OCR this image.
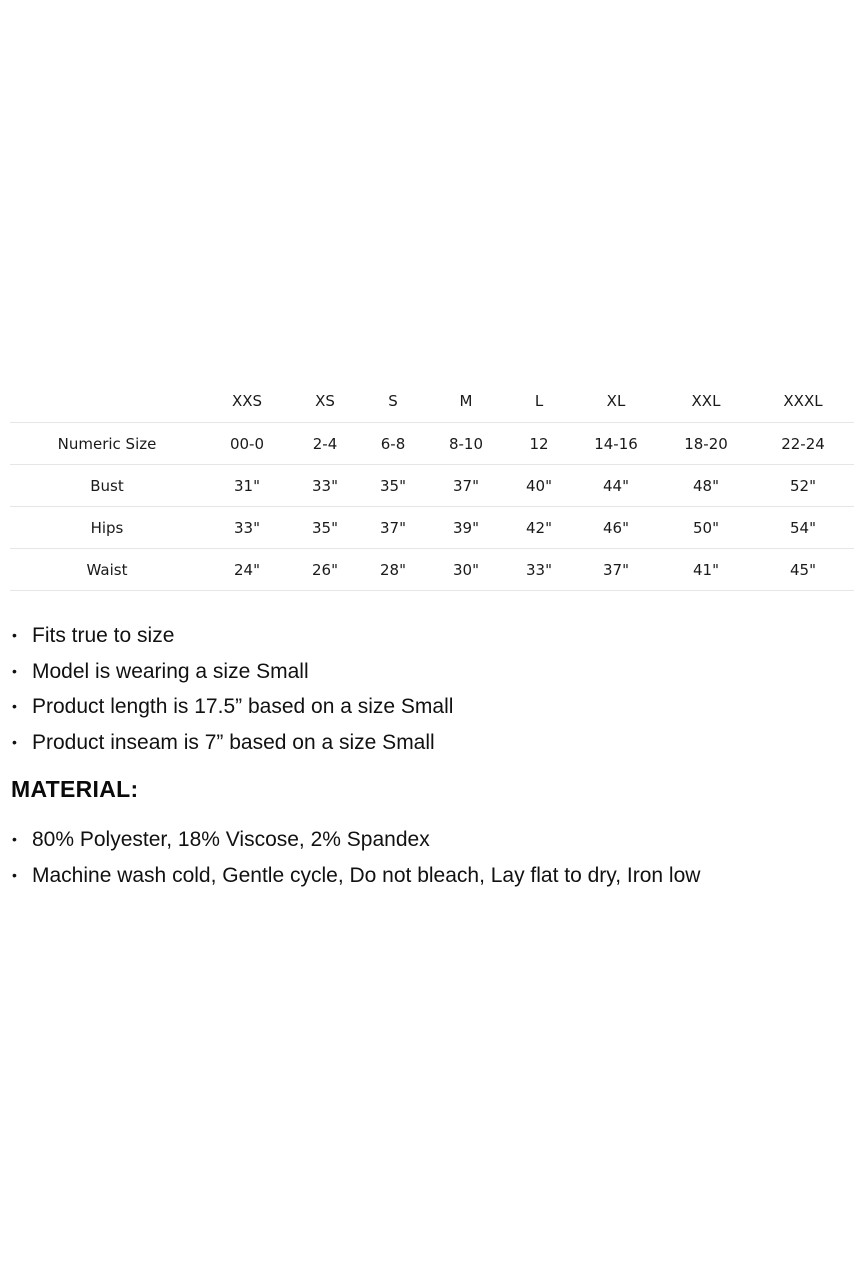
	XXS	XS	S	M	L	XL	XXL	XXXL
Numeric Size	00-0	2-4	6-8	8-10	12	14-16	18-20	22-24
Bust	31"	33"	35"	37"	40"	44"	48"	52"
Hips	33"	35"	37"	39"	42"	46"	50"	54"
Waist	24"	26"	28"	30"	33"	37"	41"	45"
• Fits true to size
• Model is wearing a size Small
• Product length is 17.5” based on a size Small
• Product inseam is 7” based on a size Small
MATERIAL:
• 80% Polyester, 18% Viscose, 2% Spandex
• Machine wash cold, Gentle cycle, Do not bleach, Lay flat to dry, Iron low
